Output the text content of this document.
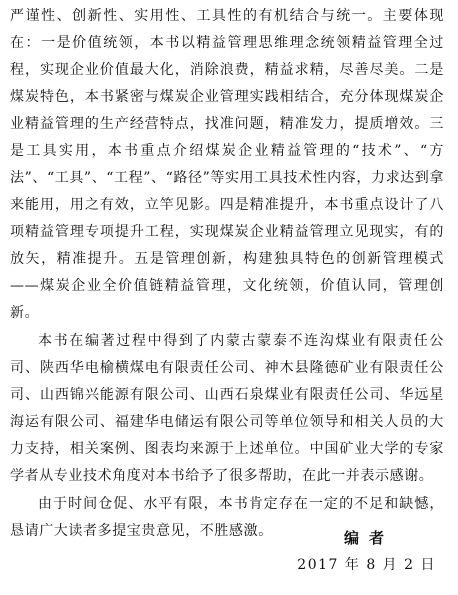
严谨性、创新性、实用性、工具性的有机结合与统一。主要体现在：一是价值统领，本书以精益管理思维理念统领精益管理全过程，实现企业价值最大化，消除浪费，精益求精，尽善尽美。二是煤炭特色，本书紧密与煤炭企业管理实践相结合，充分体现煤炭企业精益管理的生产经营特点，找准问题，精准发力，提质增效。三是工具实用，本书重点介绍煤炭企业精益管理的“技术”、“方法”、“工具”、“工程”、“路径”等实用工具技术性内容，力求达到拿来能用，用之有效，立竿见影。四是精准提升，本书重点设计了八项精益管理专项提升工程，实现煤炭企业精益管理立见现实，有的放矢，精准提升。五是管理创新，构建独具特色的创新管理模式——煤炭企业全价值链精益管理，文化统领，价值认同，管理创新。

本书在编著过程中得到了内蒙古蒙泰不连沟煤业有限责任公司、陕西华电榆横煤电有限责任公司、神木县隆德矿业有限责任公司、山西锦兴能源有限公司、山西石泉煤业有限责任公司、华远星海运有限公司、福建华电储运有限公司等单位领导和相关人员的大力支持，相关案例、图表均来源于上述单位。中国矿业大学的专家学者从专业技术角度对本书给予了很多帮助，在此一并表示感谢。

由于时间仓促、水平有限，本书肯定存在一定的不足和缺憾，恳请广大读者多提宝贵意见，不胜感激。	编者
2017 年 8 月 2 日
